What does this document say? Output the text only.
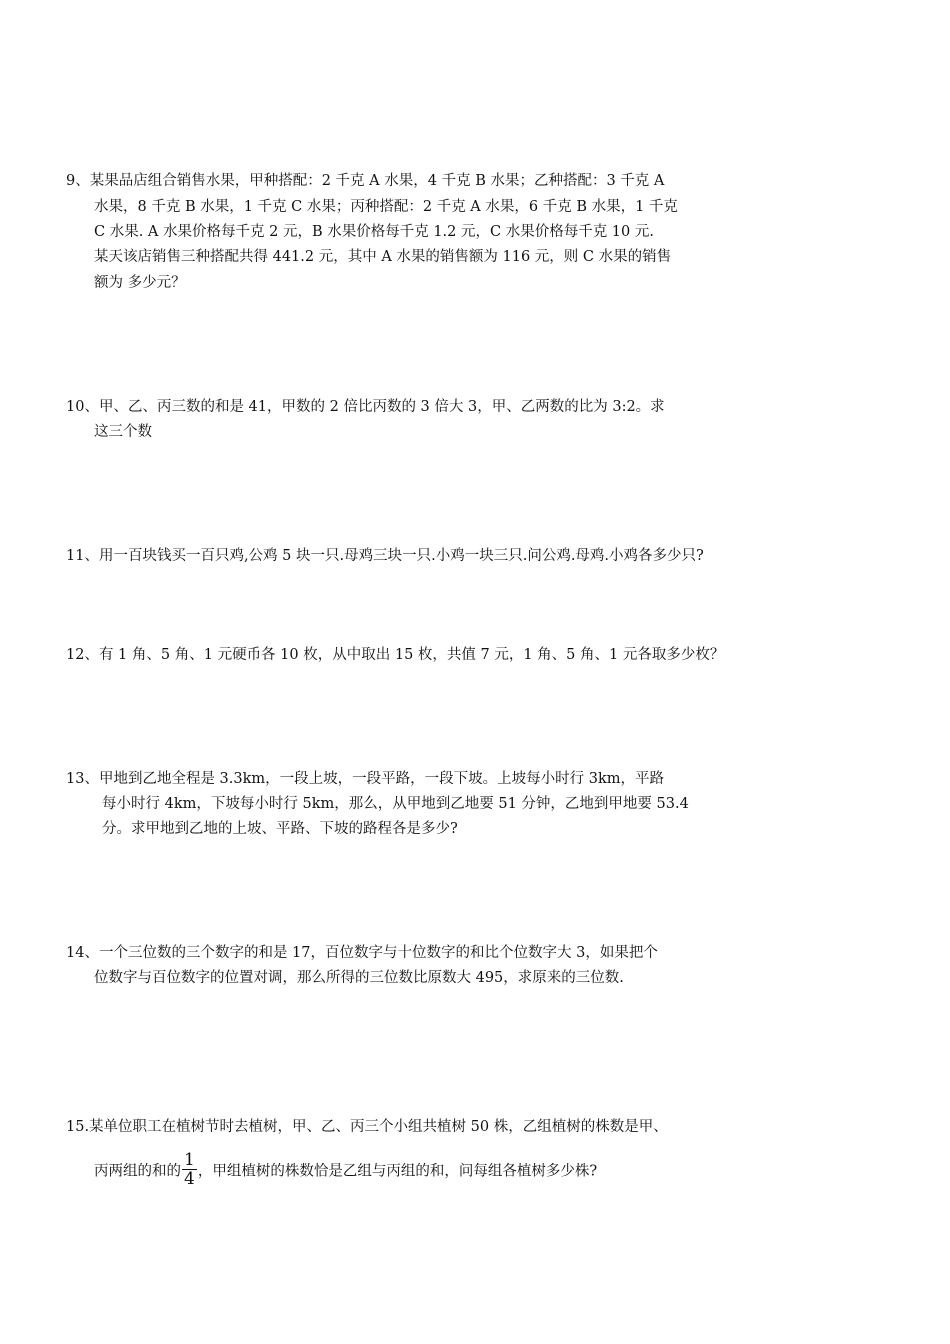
9、某果品店组合销售水果，甲种搭配：2 千克 A 水果，4 千克 B 水果；乙种搭配：3 千克 A
水果，8 千克 B 水果，1 千克 C 水果；丙种搭配：2 千克 A 水果，6 千克 B 水果，1 千克
C 水果. A 水果价格每千克 2 元，B 水果价格每千克 1.2 元，C 水果价格每千克 10 元.
某天该店销售三种搭配共得 441.2 元，其中 A 水果的销售额为 116 元，则 C 水果的销售
额为 多少元？
10、甲、乙、丙三数的和是 41，甲数的 2 倍比丙数的 3 倍大 3，甲、乙两数的比为 3:2。求
这三个数
11、用一百块钱买一百只鸡,公鸡 5 块一只.母鸡三块一只.小鸡一块三只.问公鸡.母鸡.小鸡各多少只?
12、有 1 角、5 角、1 元硬币各 10 枚，从中取出 15 枚，共值 7 元，1 角、5 角、1 元各取多少枚？
13、甲地到乙地全程是 3.3km，一段上坡，一段平路，一段下坡。上坡每小时行 3km，平路
每小时行 4km，下坡每小时行 5km，那么，从甲地到乙地要 51 分钟，乙地到甲地要 53.4
分。求甲地到乙地的上坡、平路、下坡的路程各是多少?
14、一个三位数的三个数字的和是 17，百位数字与十位数字的和比个位数字大 3，如果把个
位数字与百位数字的位置对调，那么所得的三位数比原数大 495，求原来的三位数.
15.某单位职工在植树节时去植树，甲、乙、丙三个小组共植树 50 株，乙组植树的株数是甲、
丙两组的和的 $\frac{1}{4}$ ，甲组植树的株数恰是乙组与丙组的和，问每组各植树多少株?
